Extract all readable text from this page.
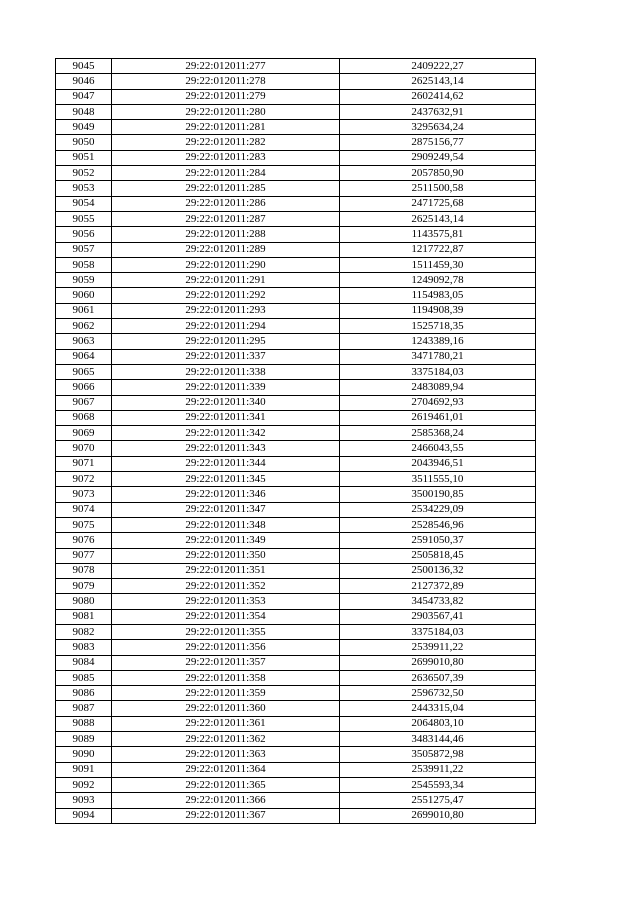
9045	29:22:012011:277	2409222,27
9046	29:22:012011:278	2625143,14
9047	29:22:012011:279	2602414,62
9048	29:22:012011:280	2437632,91
9049	29:22:012011:281	3295634,24
9050	29:22:012011:282	2875156,77
9051	29:22:012011:283	2909249,54
9052	29:22:012011:284	2057850,90
9053	29:22:012011:285	2511500,58
9054	29:22:012011:286	2471725,68
9055	29:22:012011:287	2625143,14
9056	29:22:012011:288	1143575,81
9057	29:22:012011:289	1217722,87
9058	29:22:012011:290	1511459,30
9059	29:22:012011:291	1249092,78
9060	29:22:012011:292	1154983,05
9061	29:22:012011:293	1194908,39
9062	29:22:012011:294	1525718,35
9063	29:22:012011:295	1243389,16
9064	29:22:012011:337	3471780,21
9065	29:22:012011:338	3375184,03
9066	29:22:012011:339	2483089,94
9067	29:22:012011:340	2704692,93
9068	29:22:012011:341	2619461,01
9069	29:22:012011:342	2585368,24
9070	29:22:012011:343	2466043,55
9071	29:22:012011:344	2043946,51
9072	29:22:012011:345	3511555,10
9073	29:22:012011:346	3500190,85
9074	29:22:012011:347	2534229,09
9075	29:22:012011:348	2528546,96
9076	29:22:012011:349	2591050,37
9077	29:22:012011:350	2505818,45
9078	29:22:012011:351	2500136,32
9079	29:22:012011:352	2127372,89
9080	29:22:012011:353	3454733,82
9081	29:22:012011:354	2903567,41
9082	29:22:012011:355	3375184,03
9083	29:22:012011:356	2539911,22
9084	29:22:012011:357	2699010,80
9085	29:22:012011:358	2636507,39
9086	29:22:012011:359	2596732,50
9087	29:22:012011:360	2443315,04
9088	29:22:012011:361	2064803,10
9089	29:22:012011:362	3483144,46
9090	29:22:012011:363	3505872,98
9091	29:22:012011:364	2539911,22
9092	29:22:012011:365	2545593,34
9093	29:22:012011:366	2551275,47
9094	29:22:012011:367	2699010,80
